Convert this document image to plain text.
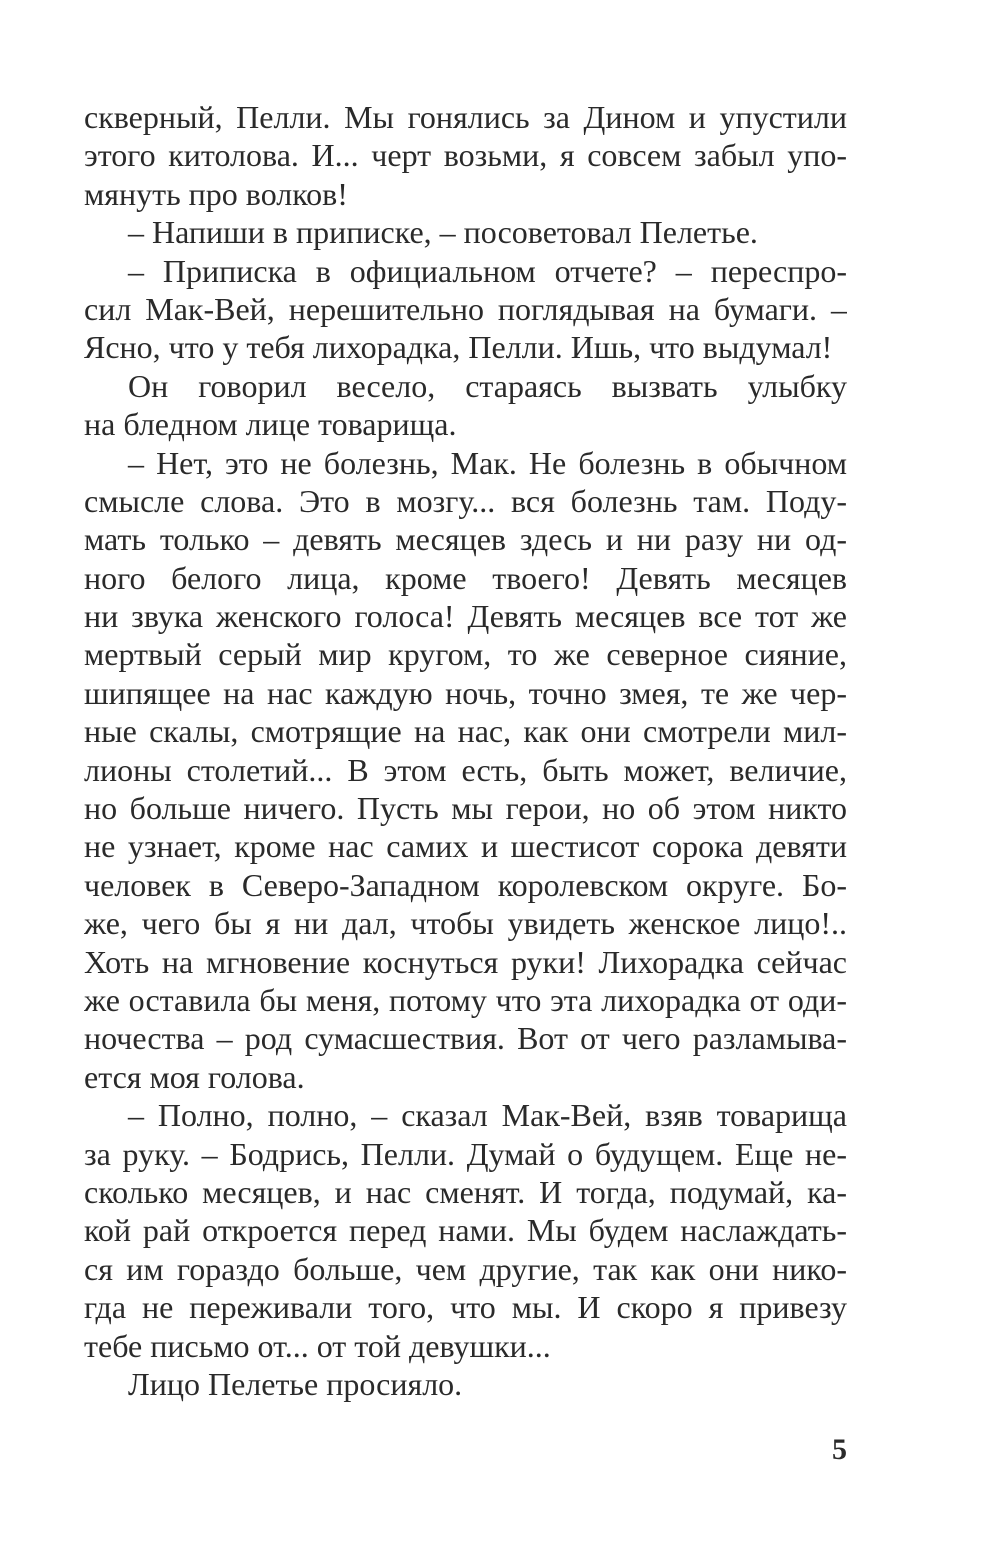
скверный, Пелли. Мы гонялись за Дином и упустили
этого китолова. И... черт возьми, я совсем забыл упо-
мянуть про волков!
– Напиши в приписке, – посоветовал Пелетье.
– Приписка в официальном отчете? – переспро-
сил Мак-Вей, нерешительно поглядывая на бумаги. –
Ясно, что у тебя лихорадка, Пелли. Ишь, что выдумал!
Он говорил весело, стараясь вызвать улыбку
на бледном лице товарища.
– Нет, это не болезнь, Мак. Не болезнь в обычном
смысле слова. Это в мозгу... вся болезнь там. Поду-
мать только – девять месяцев здесь и ни разу ни од-
ного белого лица, кроме твоего! Девять месяцев
ни звука женского голоса! Девять месяцев все тот же
мертвый серый мир кругом, то же северное сияние,
шипящее на нас каждую ночь, точно змея, те же чер-
ные скалы, смотрящие на нас, как они смотрели мил-
лионы столетий... В этом есть, быть может, величие,
но больше ничего. Пусть мы герои, но об этом никто
не узнает, кроме нас самих и шестисот сорока девяти
человек в Северо-Западном королевском округе. Бо-
же, чего бы я ни дал, чтобы увидеть женское лицо!..
Хоть на мгновение коснуться руки! Лихорадка сейчас
же оставила бы меня, потому что эта лихорадка от оди-
ночества – род сумасшествия. Вот от чего разламыва-
ется моя голова.
– Полно, полно, – сказал Мак-Вей, взяв товарища
за руку. – Бодрись, Пелли. Думай о будущем. Еще не-
сколько месяцев, и нас сменят. И тогда, подумай, ка-
кой рай откроется перед нами. Мы будем наслаждать-
ся им гораздо больше, чем другие, так как они нико-
гда не переживали того, что мы. И скоро я привезу
тебе письмо от... от той девушки...
Лицо Пелетье просияло.
5
